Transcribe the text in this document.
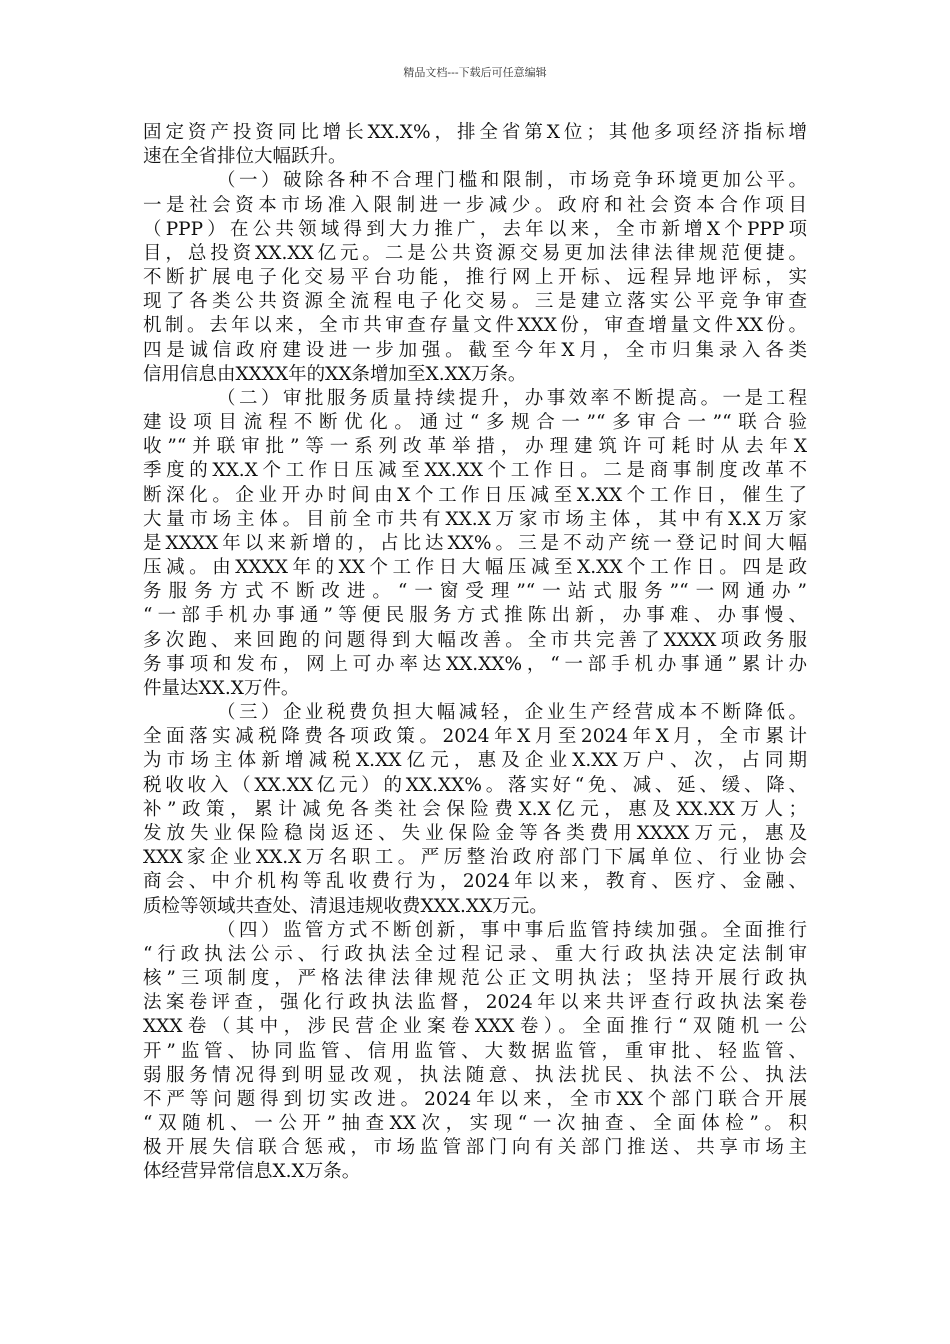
精品文档---下载后可任意编辑
固定资产投资同比增长XX.X%，排全省第X位；其他多项经济指标增
速在全省排位大幅跃升。
（一）破除各种不合理门槛和限制，市场竞争环境更加公平。
一是社会资本市场准入限制进一步减少。政府和社会资本合作项目
（PPP）在公共领域得到大力推广，去年以来，全市新增X个PPP项
目，总投资XX.XX亿元。二是公共资源交易更加法律法律规范便捷。
不断扩展电子化交易平台功能，推行网上开标、远程异地评标，实
现了各类公共资源全流程电子化交易。三是建立落实公平竞争审查
机制。去年以来，全市共审查存量文件XXX份，审查增量文件XX份。
四是诚信政府建设进一步加强。截至今年X月，全市归集录入各类
信用信息由XXXX年的XX条增加至X.XX万条。
（二）审批服务质量持续提升，办事效率不断提高。一是工程
建设项目流程不断优化。通过“多规合一”“多审合一”“联合验
收”“并联审批”等一系列改革举措，办理建筑许可耗时从去年X
季度的XX.X个工作日压减至XX.XX个工作日。二是商事制度改革不
断深化。企业开办时间由X个工作日压减至X.XX个工作日，催生了
大量市场主体。目前全市共有XX.X万家市场主体，其中有X.X万家
是XXXX年以来新增的，占比达XX%。三是不动产统一登记时间大幅
压减。由XXXX年的XX个工作日大幅压减至X.XX个工作日。四是政
务服务方式不断改进。“一窗受理”“一站式服务”“一网通办”
“一部手机办事通”等便民服务方式推陈出新，办事难、办事慢、
多次跑、来回跑的问题得到大幅改善。全市共完善了XXXX项政务服
务事项和发布，网上可办率达XX.XX%，“一部手机办事通”累计办
件量达XX.X万件。
（三）企业税费负担大幅减轻，企业生产经营成本不断降低。
全面落实减税降费各项政策。2024年X月至2024年X月，全市累计
为市场主体新增减税X.XX亿元，惠及企业X.XX万户、次，占同期
税收收入（XX.XX亿元）的XX.XX%。落实好“免、减、延、缓、降、
补”政策，累计减免各类社会保险费X.X亿元，惠及XX.XX万人；
发放失业保险稳岗返还、失业保险金等各类费用XXXX万元，惠及
XXX家企业XX.X万名职工。严厉整治政府部门下属单位、行业协会
商会、中介机构等乱收费行为，2024年以来，教育、医疗、金融、
质检等领域共查处、清退违规收费XXX.XX万元。
（四）监管方式不断创新，事中事后监管持续加强。全面推行
“行政执法公示、行政执法全过程记录、重大行政执法决定法制审
核”三项制度，严格法律法律规范公正文明执法；坚持开展行政执
法案卷评查，强化行政执法监督，2024年以来共评查行政执法案卷
XXX卷（其中，涉民营企业案卷XXX卷）。全面推行“双随机一公
开”监管、协同监管、信用监管、大数据监管，重审批、轻监管、
弱服务情况得到明显改观，执法随意、执法扰民、执法不公、执法
不严等问题得到切实改进。2024年以来，全市XX个部门联合开展
“双随机、一公开”抽查XX次，实现“一次抽查、全面体检”。积
极开展失信联合惩戒，市场监管部门向有关部门推送、共享市场主
体经营异常信息X.X万条。
